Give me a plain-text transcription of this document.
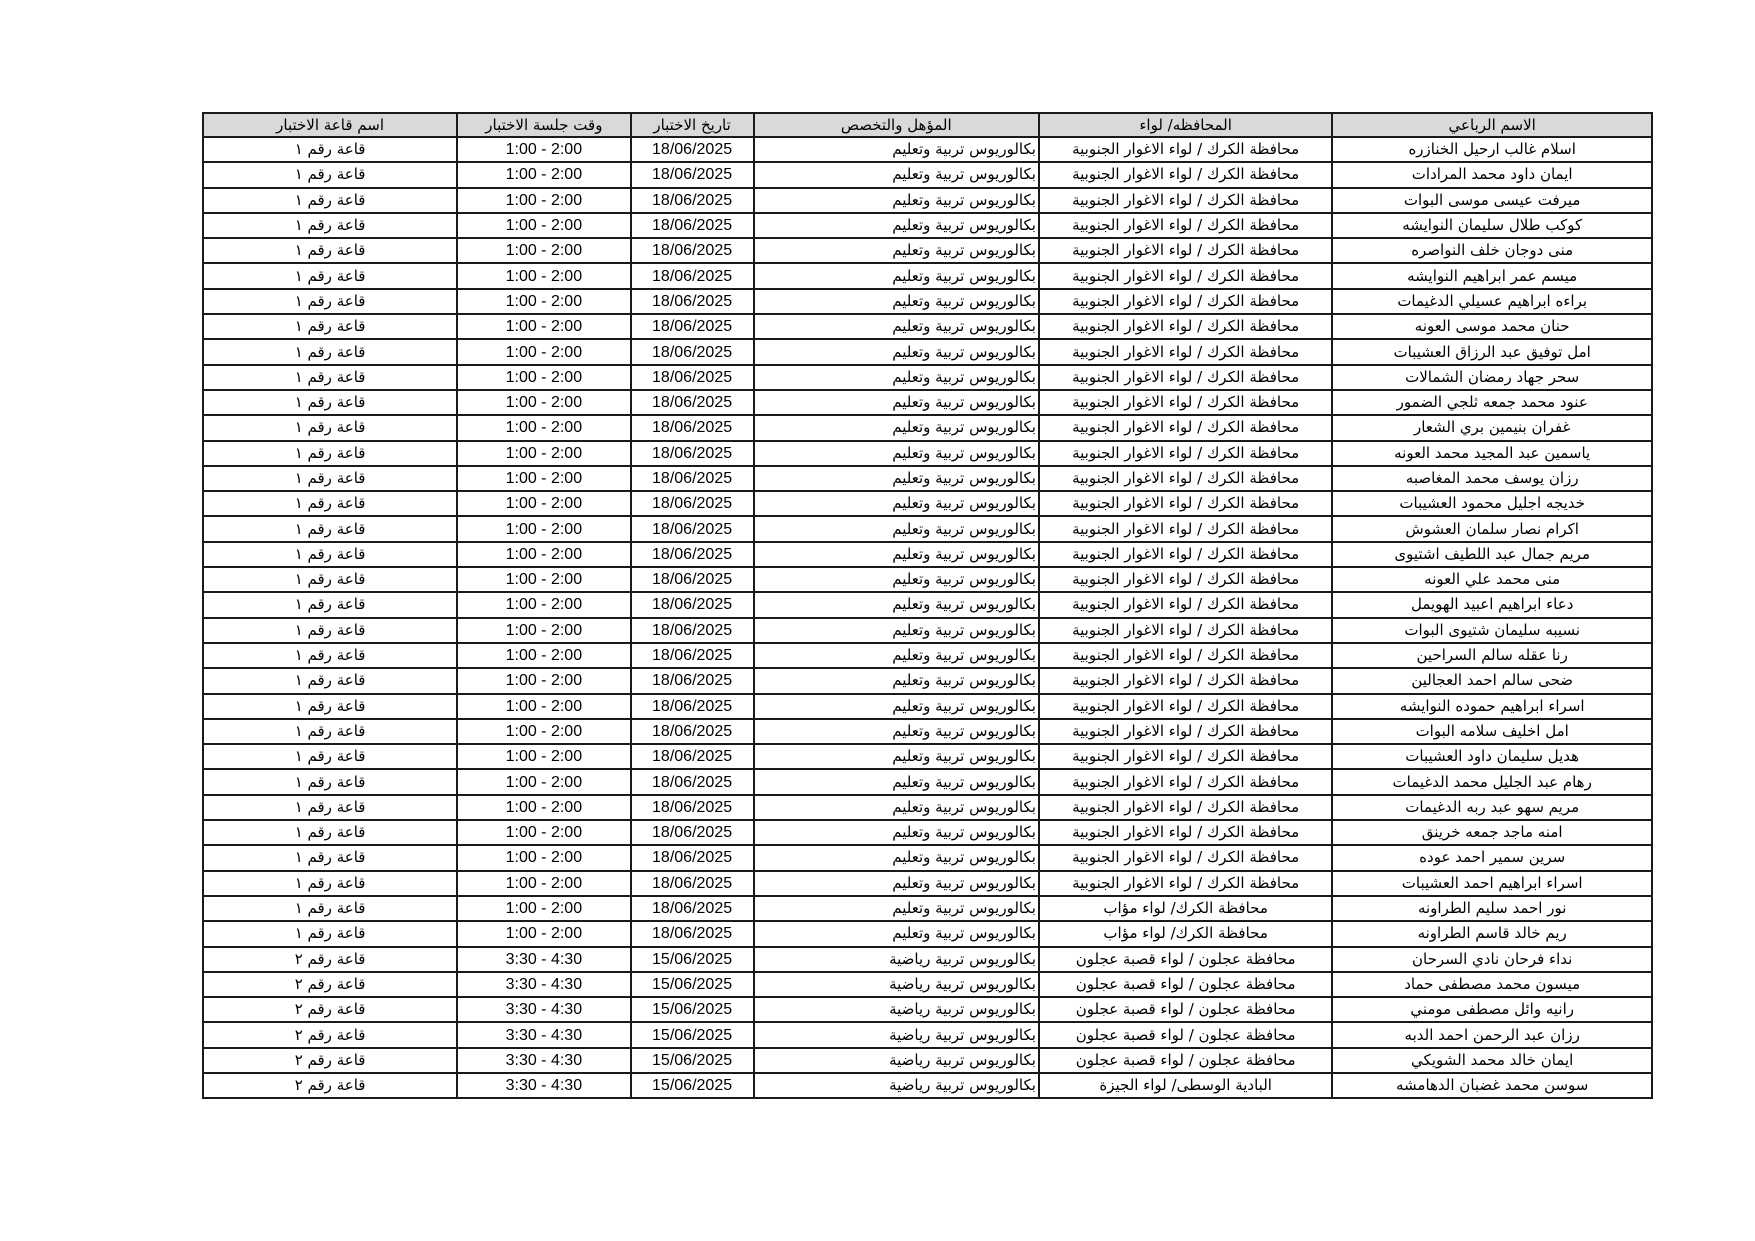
الاسم الرباعي	المحافظه/ لواء	المؤهل والتخصص	تاريخ الاختبار	وقت جلسة الاختبار	اسم قاعة الاختبار
اسلام غالب ارحيل الخنازره	محافظة الكرك / لواء الاغوار الجنوبية	بكالوريوس تربية وتعليم	18/06/2025	1:00 - 2:00	قاعة رقم ١
ايمان داود محمد المرادات	محافظة الكرك / لواء الاغوار الجنوبية	بكالوريوس تربية وتعليم	18/06/2025	1:00 - 2:00	قاعة رقم ١
ميرفت عيسى موسى البوات	محافظة الكرك / لواء الاغوار الجنوبية	بكالوريوس تربية وتعليم	18/06/2025	1:00 - 2:00	قاعة رقم ١
كوكب طلال سليمان النوايشه	محافظة الكرك / لواء الاغوار الجنوبية	بكالوريوس تربية وتعليم	18/06/2025	1:00 - 2:00	قاعة رقم ١
منى دوجان خلف النواصره	محافظة الكرك / لواء الاغوار الجنوبية	بكالوريوس تربية وتعليم	18/06/2025	1:00 - 2:00	قاعة رقم ١
ميسم عمر ابراهيم النوايشه	محافظة الكرك / لواء الاغوار الجنوبية	بكالوريوس تربية وتعليم	18/06/2025	1:00 - 2:00	قاعة رقم ١
براءه ابراهيم عسيلي الدغيمات	محافظة الكرك / لواء الاغوار الجنوبية	بكالوريوس تربية وتعليم	18/06/2025	1:00 - 2:00	قاعة رقم ١
حنان محمد موسى العونه	محافظة الكرك / لواء الاغوار الجنوبية	بكالوريوس تربية وتعليم	18/06/2025	1:00 - 2:00	قاعة رقم ١
امل توفيق عبد الرزاق العشيبات	محافظة الكرك / لواء الاغوار الجنوبية	بكالوريوس تربية وتعليم	18/06/2025	1:00 - 2:00	قاعة رقم ١
سحر جهاد رمضان الشمالات	محافظة الكرك / لواء الاغوار الجنوبية	بكالوريوس تربية وتعليم	18/06/2025	1:00 - 2:00	قاعة رقم ١
عنود محمد جمعه ثلجي الضمور	محافظة الكرك / لواء الاغوار الجنوبية	بكالوريوس تربية وتعليم	18/06/2025	1:00 - 2:00	قاعة رقم ١
غفران بنيمين بري الشعار	محافظة الكرك / لواء الاغوار الجنوبية	بكالوريوس تربية وتعليم	18/06/2025	1:00 - 2:00	قاعة رقم ١
ياسمين عبد المجيد محمد العونه	محافظة الكرك / لواء الاغوار الجنوبية	بكالوريوس تربية وتعليم	18/06/2025	1:00 - 2:00	قاعة رقم ١
رزان يوسف محمد المغاصبه	محافظة الكرك / لواء الاغوار الجنوبية	بكالوريوس تربية وتعليم	18/06/2025	1:00 - 2:00	قاعة رقم ١
خديجه اجليل محمود العشيبات	محافظة الكرك / لواء الاغوار الجنوبية	بكالوريوس تربية وتعليم	18/06/2025	1:00 - 2:00	قاعة رقم ١
اكرام نصار سلمان العشوش	محافظة الكرك / لواء الاغوار الجنوبية	بكالوريوس تربية وتعليم	18/06/2025	1:00 - 2:00	قاعة رقم ١
مريم جمال عبد اللطيف اشتيوى	محافظة الكرك / لواء الاغوار الجنوبية	بكالوريوس تربية وتعليم	18/06/2025	1:00 - 2:00	قاعة رقم ١
منى محمد علي العونه	محافظة الكرك / لواء الاغوار الجنوبية	بكالوريوس تربية وتعليم	18/06/2025	1:00 - 2:00	قاعة رقم ١
دعاء ابراهيم اعبيد الهويمل	محافظة الكرك / لواء الاغوار الجنوبية	بكالوريوس تربية وتعليم	18/06/2025	1:00 - 2:00	قاعة رقم ١
نسيبه سليمان شتيوى البوات	محافظة الكرك / لواء الاغوار الجنوبية	بكالوريوس تربية وتعليم	18/06/2025	1:00 - 2:00	قاعة رقم ١
رنا عقله سالم السراحين	محافظة الكرك / لواء الاغوار الجنوبية	بكالوريوس تربية وتعليم	18/06/2025	1:00 - 2:00	قاعة رقم ١
ضحى سالم احمد العجالين	محافظة الكرك / لواء الاغوار الجنوبية	بكالوريوس تربية وتعليم	18/06/2025	1:00 - 2:00	قاعة رقم ١
اسراء ابراهيم حموده النوايشه	محافظة الكرك / لواء الاغوار الجنوبية	بكالوريوس تربية وتعليم	18/06/2025	1:00 - 2:00	قاعة رقم ١
امل اخليف سلامه البوات	محافظة الكرك / لواء الاغوار الجنوبية	بكالوريوس تربية وتعليم	18/06/2025	1:00 - 2:00	قاعة رقم ١
هديل سليمان داود العشيبات	محافظة الكرك / لواء الاغوار الجنوبية	بكالوريوس تربية وتعليم	18/06/2025	1:00 - 2:00	قاعة رقم ١
رهام عبد الجليل محمد الدغيمات	محافظة الكرك / لواء الاغوار الجنوبية	بكالوريوس تربية وتعليم	18/06/2025	1:00 - 2:00	قاعة رقم ١
مريم سهو عبد ربه الدغيمات	محافظة الكرك / لواء الاغوار الجنوبية	بكالوريوس تربية وتعليم	18/06/2025	1:00 - 2:00	قاعة رقم ١
امنه ماجد جمعه خرينق	محافظة الكرك / لواء الاغوار الجنوبية	بكالوريوس تربية وتعليم	18/06/2025	1:00 - 2:00	قاعة رقم ١
سرين سمير احمد عوده	محافظة الكرك / لواء الاغوار الجنوبية	بكالوريوس تربية وتعليم	18/06/2025	1:00 - 2:00	قاعة رقم ١
اسراء ابراهيم احمد العشيبات	محافظة الكرك / لواء الاغوار الجنوبية	بكالوريوس تربية وتعليم	18/06/2025	1:00 - 2:00	قاعة رقم ١
نور احمد سليم الطراونه	محافظة الكرك/ لواء مؤاب	بكالوريوس تربية وتعليم	18/06/2025	1:00 - 2:00	قاعة رقم ١
ريم خالد قاسم الطراونه	محافظة الكرك/ لواء مؤاب	بكالوريوس تربية وتعليم	18/06/2025	1:00 - 2:00	قاعة رقم ١
نداء فرحان نادي السرحان	محافظة عجلون / لواء قصبة عجلون	بكالوريوس تربية رياضية	15/06/2025	3:30 - 4:30	قاعة رقم ٢
ميسون محمد مصطفى حماد	محافظة عجلون / لواء قصبة عجلون	بكالوريوس تربية رياضية	15/06/2025	3:30 - 4:30	قاعة رقم ٢
رانيه وائل مصطفى مومني	محافظة عجلون / لواء قصبة عجلون	بكالوريوس تربية رياضية	15/06/2025	3:30 - 4:30	قاعة رقم ٢
رزان عبد الرحمن احمد الدبه	محافظة عجلون / لواء قصبة عجلون	بكالوريوس تربية رياضية	15/06/2025	3:30 - 4:30	قاعة رقم ٢
ايمان خالد محمد الشويكي	محافظة عجلون / لواء قصبة عجلون	بكالوريوس تربية رياضية	15/06/2025	3:30 - 4:30	قاعة رقم ٢
سوسن محمد غضبان الدهامشه	البادية الوسطى/ لواء الجيزة	بكالوريوس تربية رياضية	15/06/2025	3:30 - 4:30	قاعة رقم ٢
